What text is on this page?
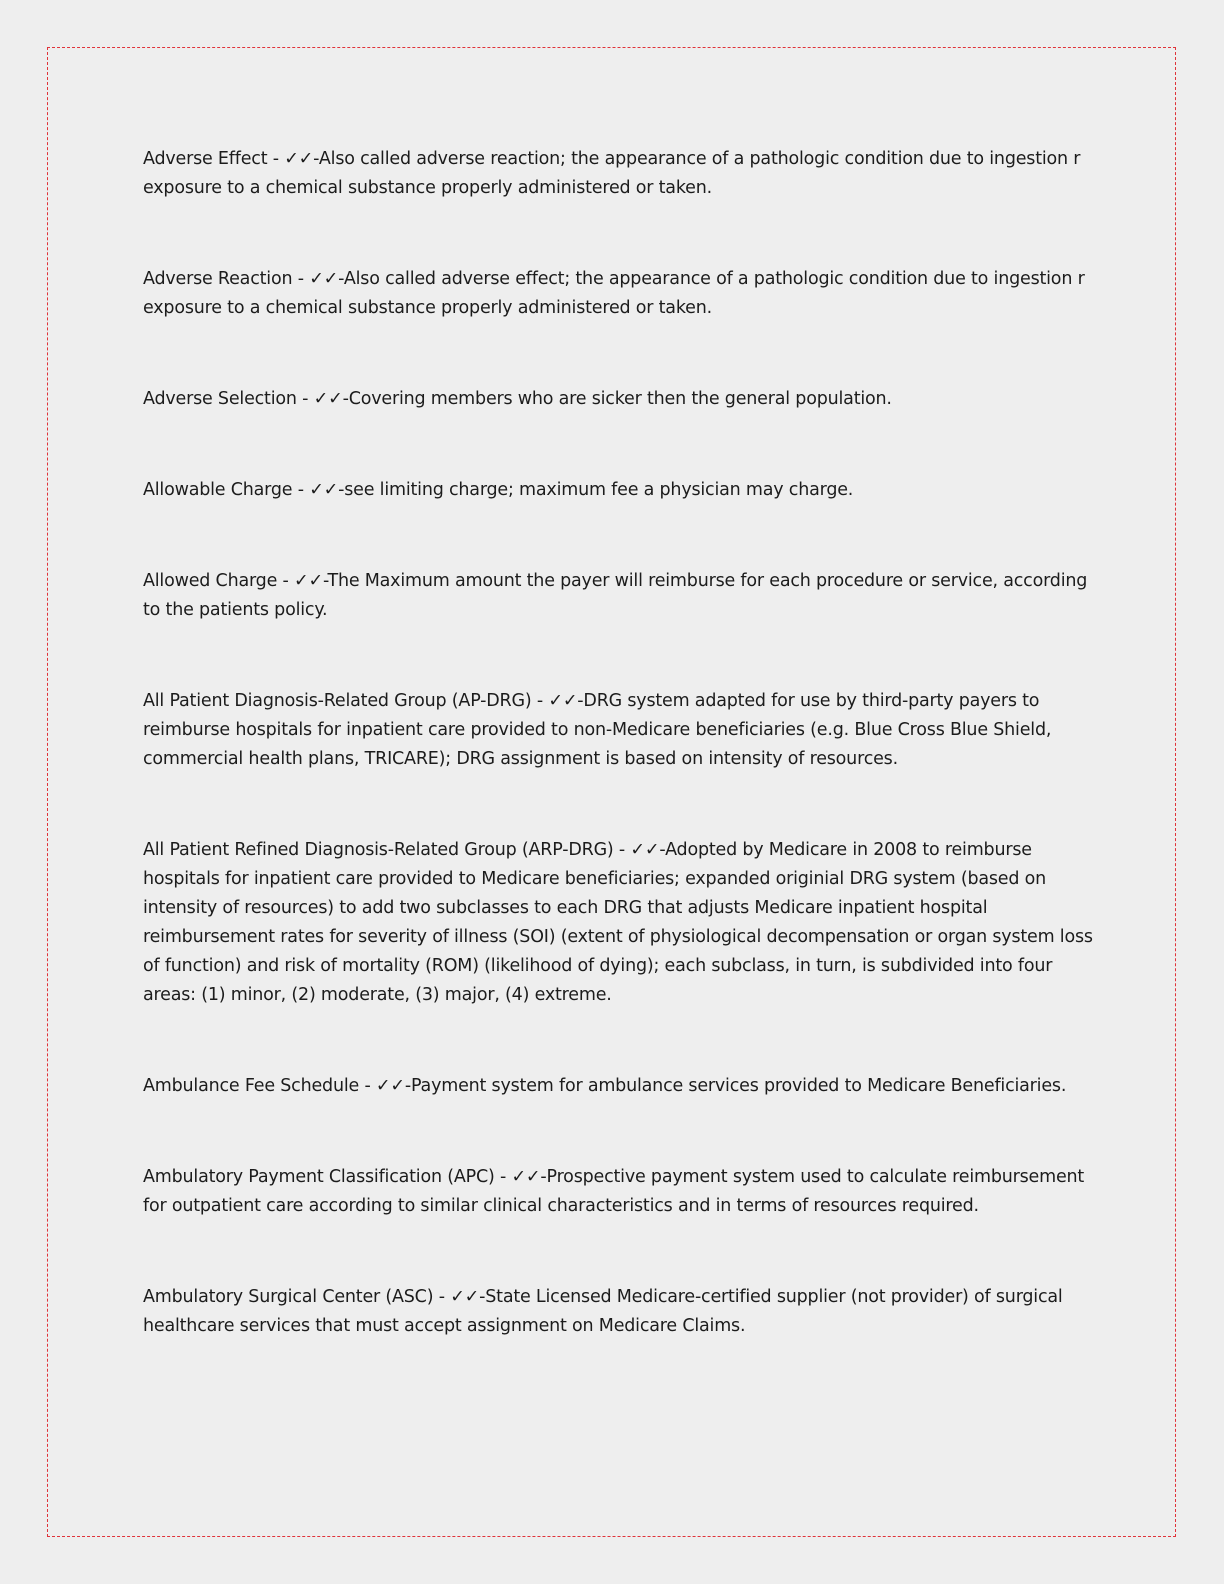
Adverse Effect - ✓✓-Also called adverse reaction; the appearance of a pathologic condition due to ingestion r exposure to a chemical substance properly administered or taken.

Adverse Reaction - ✓✓-Also called adverse effect; the appearance of a pathologic condition due to ingestion r exposure to a chemical substance properly administered or taken.

Adverse Selection - ✓✓-Covering members who are sicker then the general population.

Allowable Charge - ✓✓-see limiting charge; maximum fee a physician may charge.

Allowed Charge - ✓✓-The Maximum amount the payer will reimburse for each procedure or service, according to the patients policy.

All Patient Diagnosis-Related Group (AP-DRG) - ✓✓-DRG system adapted for use by third-party payers to reimburse hospitals for inpatient care provided to non-Medicare beneficiaries (e.g. Blue Cross Blue Shield, commercial health plans, TRICARE); DRG assignment is based on intensity of resources.

All Patient Refined Diagnosis-Related Group (ARP-DRG) - ✓✓-Adopted by Medicare in 2008 to reimburse hospitals for inpatient care provided to Medicare beneficiaries; expanded originial DRG system (based on intensity of resources) to add two subclasses to each DRG that adjusts Medicare inpatient hospital reimbursement rates for severity of illness (SOI) (extent of physiological decompensation or organ system loss of function) and risk of mortality (ROM) (likelihood of dying); each subclass, in turn, is subdivided into four areas: (1) minor, (2) moderate, (3) major, (4) extreme.

Ambulance Fee Schedule - ✓✓-Payment system for ambulance services provided to Medicare Beneficiaries.

Ambulatory Payment Classification (APC) - ✓✓-Prospective payment system used to calculate reimbursement for outpatient care according to similar clinical characteristics and in terms of resources required.

Ambulatory Surgical Center (ASC) - ✓✓-State Licensed Medicare-certified supplier (not provider) of surgical healthcare services that must accept assignment on Medicare Claims.
